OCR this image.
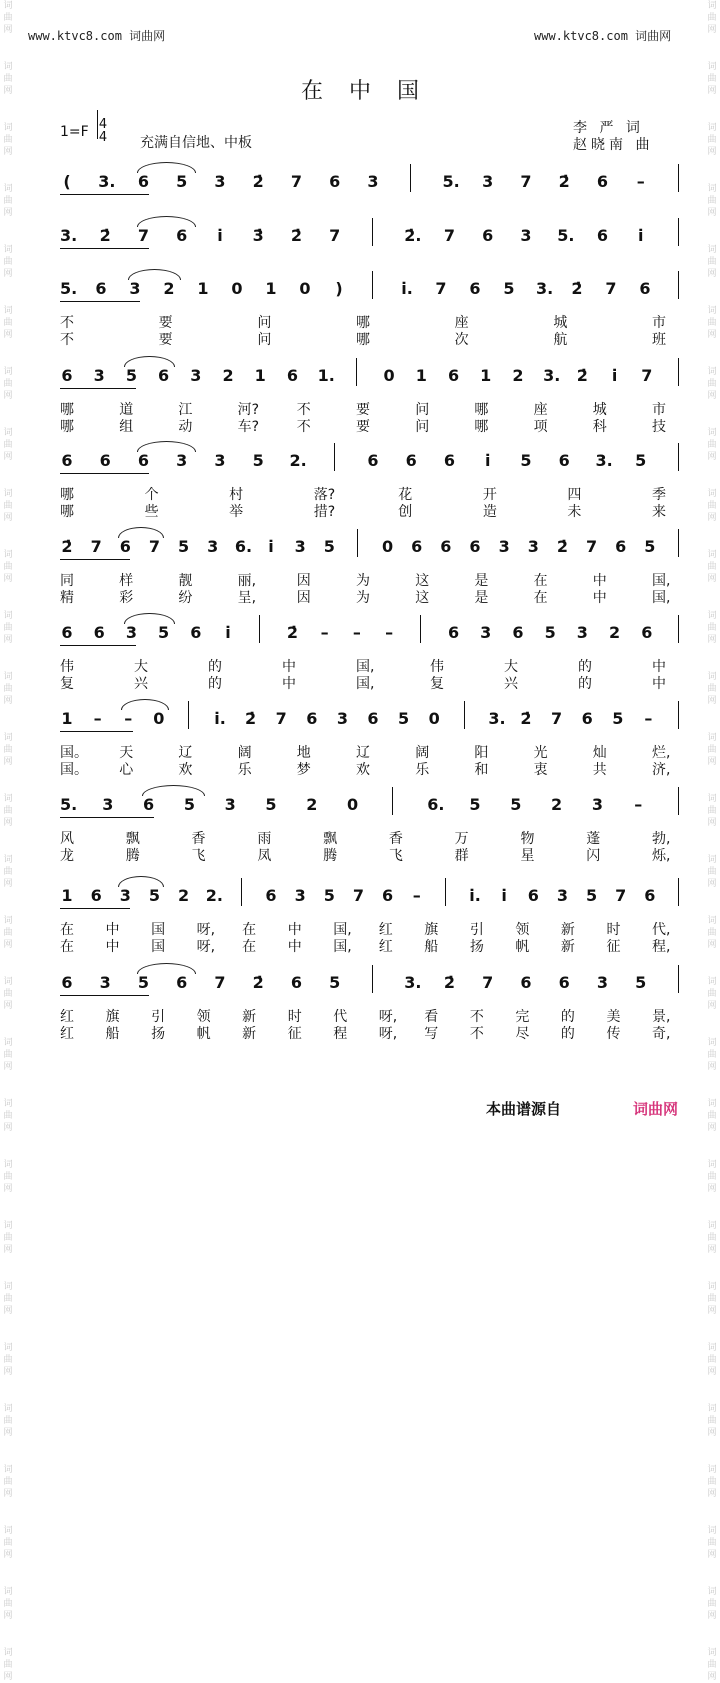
词曲网
词曲网
词曲网
词曲网
词曲网
词曲网
词曲网
词曲网
词曲网
词曲网
词曲网
词曲网
词曲网
词曲网
词曲网
词曲网
词曲网
词曲网
词曲网
词曲网
词曲网
词曲网
词曲网
词曲网
词曲网
词曲网
词曲网
词曲网
词曲网
词曲网
词曲网
词曲网
词曲网
词曲网
词曲网
词曲网
词曲网
词曲网
词曲网
词曲网
词曲网
词曲网
词曲网
词曲网
词曲网
词曲网
词曲网
词曲网
词曲网
词曲网
词曲网
词曲网
词曲网
词曲网
词曲网
词曲网
www.ktvc8.com 词曲网	www.ktvc8.com 词曲网
在中国
1=F 4
4 充满自信地、中板
李 严 词
赵晓南 曲
( 3. 6 5 3 2̇ 7 6 3	5. 3 7 2̇ 6 –
3. 2̇ 7 6 i̇ 3̇ 2̇ 7	2̇. 7 6 3 5. 6 i̇
5. 6 3 2 1 0 1 0 )	i̇. 7 6 5 3. 2̇ 7 6
不	要	问	哪	座	城	市
不	要	问	哪	次	航	班
6 3 5 6 3 2 1 6 1.	0 1 6 1 2 3. 2̇ i̇ 7
哪	道	江	河?	不	要	问	哪	座	城	市
哪	组	动	车?	不	要	问	哪	项	科	技
6 6 6 3 3 5 2.	6 6 6 i̇ 5 6 3. 5
哪	个	村	落?	花	开	四	季
哪	些	举	措?	创	造	未	来
2̇ 7 6 7 5 3 6. i̇ 3 5	0 6 6 6 3 3 2̇ 7 6 5
同	样	靓	丽,	因	为	这	是	在	中	国,
精	彩	纷	呈,	因	为	这	是	在	中	国,
6 6 3 5 6 i̇	2̇ – – –	6 3 6 5 3 2 6
伟	大	的	中	国,	伟	大	的	中
复	兴	的	中	国,	复	兴	的	中
1 – – 0	i̇. 2̇ 7 6 3 6 5 0	3. 2̇ 7 6 5 –
国。 天	辽	阔	地	辽	阔	阳	光	灿	烂,
国。 心	欢	乐	梦	欢	乐	和	衷	共	济,
5. 3 6 5 3 5 2 0	6. 5 5 2 3 –
风	飘	香	雨	飘	香	万	物	蓬	勃,
龙	腾	飞	凤	腾	飞	群	星	闪	烁,
1 6 3 5 2 2.	6 3 5 7 6 –	i̇. i̇ 6 3 5 7 6
在 中 国 呀, 在 中 国, 红 旗 引 领 新 时 代,
在 中 国 呀, 在 中 国, 红 船 扬 帆 新 征 程,
6 3 5 6 7 2̇ 6 5	3. 2̇ 7 6 6 3 5
红 旗 引 领 新 时 代 呀, 看 不 完 的 美 景,
红 船 扬 帆 新 征 程 呀, 写 不 尽 的 传 奇,
本曲谱源自	词曲网
